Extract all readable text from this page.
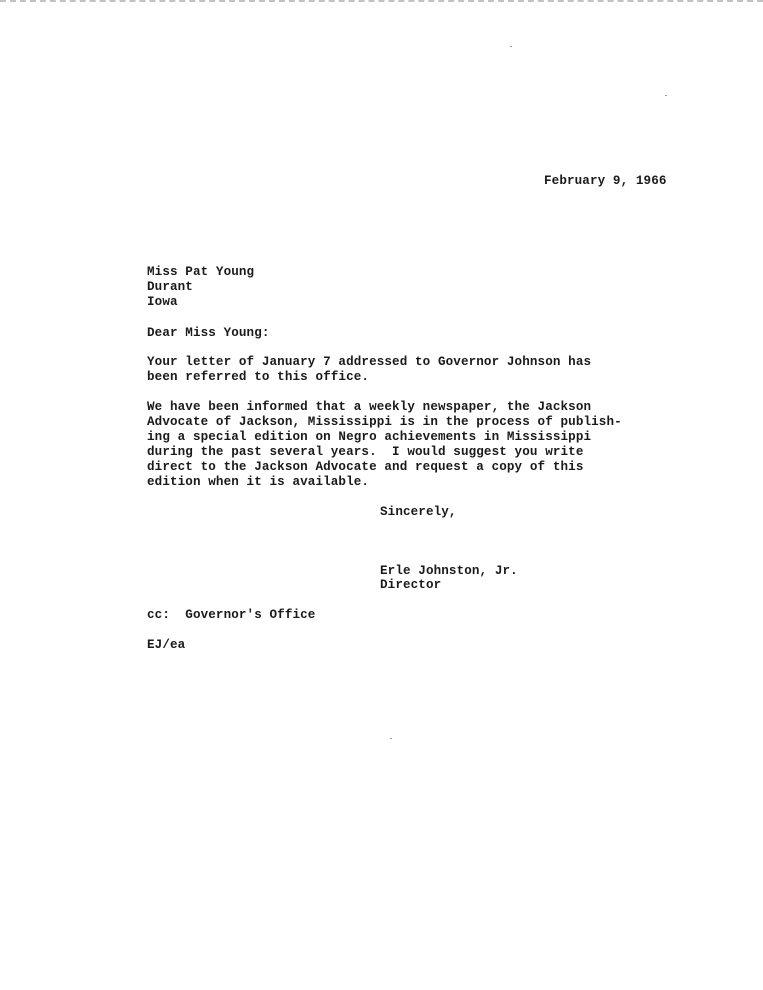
February 9, 1966
Miss Pat Young
Durant
Iowa
Dear Miss Young:
Your letter of January 7 addressed to Governor Johnson has
been referred to this office.
We have been informed that a weekly newspaper, the Jackson
Advocate of Jackson, Mississippi is in the process of publish-
ing a special edition on Negro achievements in Mississippi
during the past several years.  I would suggest you write
direct to the Jackson Advocate and request a copy of this
edition when it is available.
Sincerely,
Erle Johnston, Jr.
Director
cc:  Governor's Office
EJ/ea
